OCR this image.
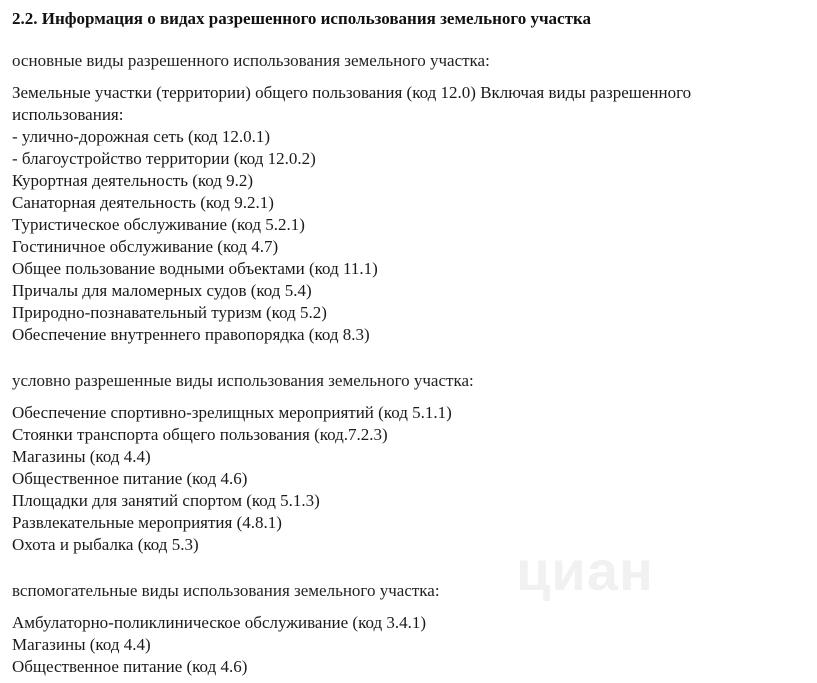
2.2. Информация о видах разрешенного использования земельного участка
основные виды разрешенного использования земельного участка:
Земельные участки (территории) общего пользования (код 12.0) Включая виды разрешенного
использования:
- улично-дорожная сеть (код 12.0.1)
- благоустройство территории (код 12.0.2)
Курортная деятельность (код 9.2)
Санаторная деятельность (код 9.2.1)
Туристическое обслуживание (код 5.2.1)
Гостиничное обслуживание (код 4.7)
Общее пользование водными объектами (код 11.1)
Причалы для маломерных судов (код 5.4)
Природно-познавательный туризм (код 5.2)
Обеспечение внутреннего правопорядка (код 8.3)
условно разрешенные виды использования земельного участка:
Обеспечение спортивно-зрелищных мероприятий (код 5.1.1)
Стоянки транспорта общего пользования (код.7.2.3)
Магазины (код 4.4)
Общественное питание (код 4.6)
Площадки для занятий спортом (код 5.1.3)
Развлекательные мероприятия (4.8.1)
Охота и рыбалка (код 5.3)
вспомогательные виды использования земельного участка:
Амбулаторно-поликлиническое обслуживание (код 3.4.1)
Магазины (код 4.4)
Общественное питание (код 4.6)
циан
